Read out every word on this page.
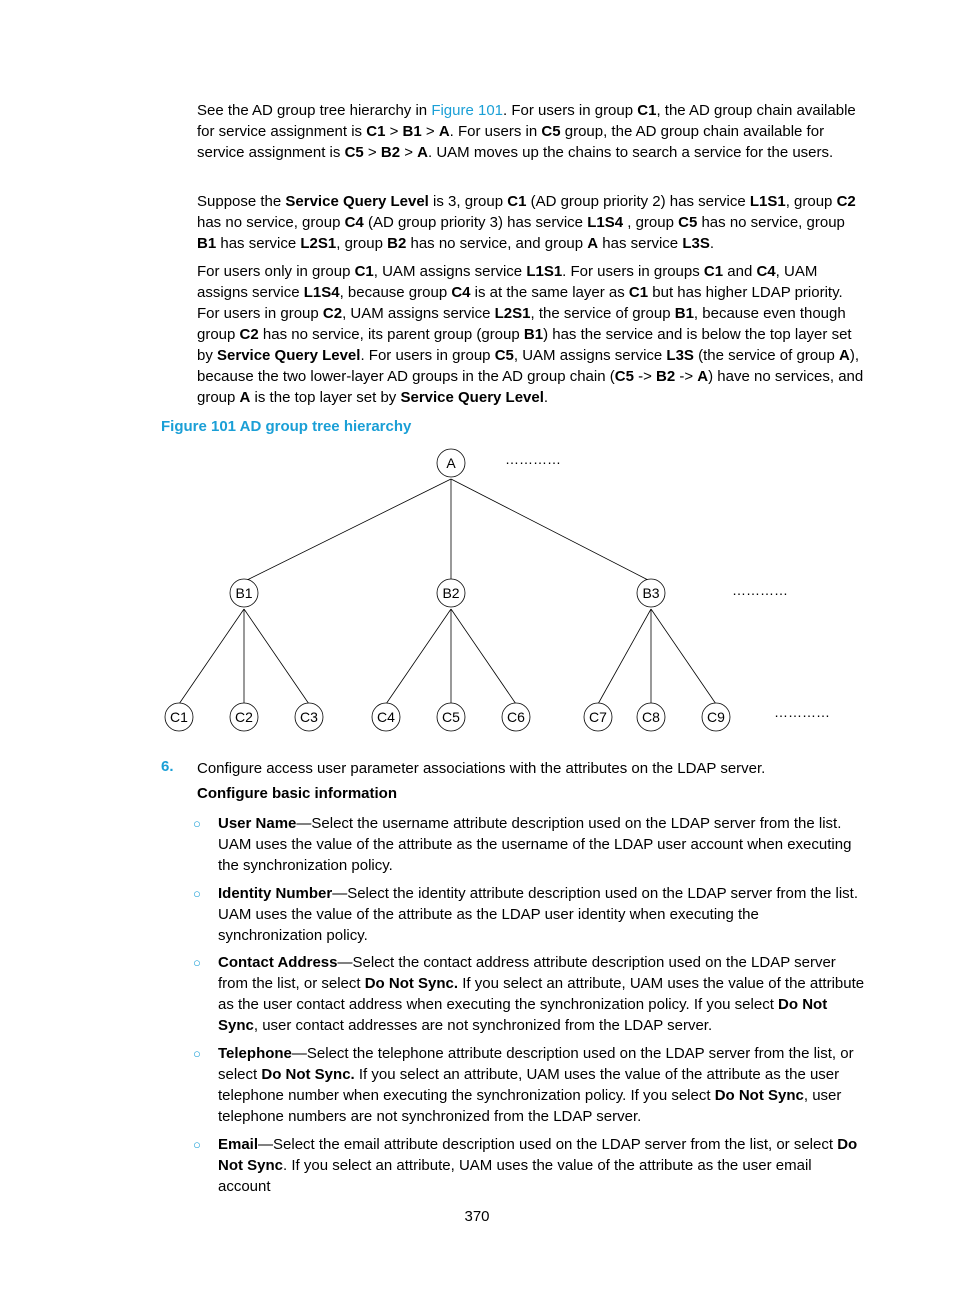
See the AD group tree hierarchy in Figure 101. For users in group C1, the AD group chain available for service assignment is C1 > B1 > A. For users in C5 group, the AD group chain available for service assignment is C5 > B2 > A. UAM moves up the chains to search a service for the users.
Suppose the Service Query Level is 3, group C1 (AD group priority 2) has service L1S1, group C2 has no service, group C4 (AD group priority 3) has service L1S4 , group C5 has no service, group B1 has service L2S1, group B2 has no service, and group A has service L3S.
For users only in group C1, UAM assigns service L1S1. For users in groups C1 and C4, UAM assigns service L1S4, because group C4 is at the same layer as C1 but has higher LDAP priority. For users in group C2, UAM assigns service L2S1, the service of group B1, because even though group C2 has no service, its parent group (group B1) has the service and is below the top layer set by Service Query Level. For users in group C5, UAM assigns service L3S (the service of group A), because the two lower-layer AD groups in the AD group chain (C5 -> B2 -> A) have no services, and group A is the top layer set by Service Query Level.
Figure 101 AD group tree hierarchy
A
B1	B2	B3
C1	C2	C3	C4	C5	C6	C7	C8	C9
…………
…………
…………
6. Configure access user parameter associations with the attributes on the LDAP server.
Configure basic information
○ User Name—Select the username attribute description used on the LDAP server from the list. UAM uses the value of the attribute as the username of the LDAP user account when executing the synchronization policy.
○ Identity Number—Select the identity attribute description used on the LDAP server from the list. UAM uses the value of the attribute as the LDAP user identity when executing the synchronization policy.
○ Contact Address—Select the contact address attribute description used on the LDAP server from the list, or select Do Not Sync. If you select an attribute, UAM uses the value of the attribute as the user contact address when executing the synchronization policy. If you select Do Not Sync, user contact addresses are not synchronized from the LDAP server.
○ Telephone—Select the telephone attribute description used on the LDAP server from the list, or select Do Not Sync. If you select an attribute, UAM uses the value of the attribute as the user telephone number when executing the synchronization policy. If you select Do Not Sync, user telephone numbers are not synchronized from the LDAP server.
○ Email—Select the email attribute description used on the LDAP server from the list, or select Do Not Sync. If you select an attribute, UAM uses the value of the attribute as the user email account
370
